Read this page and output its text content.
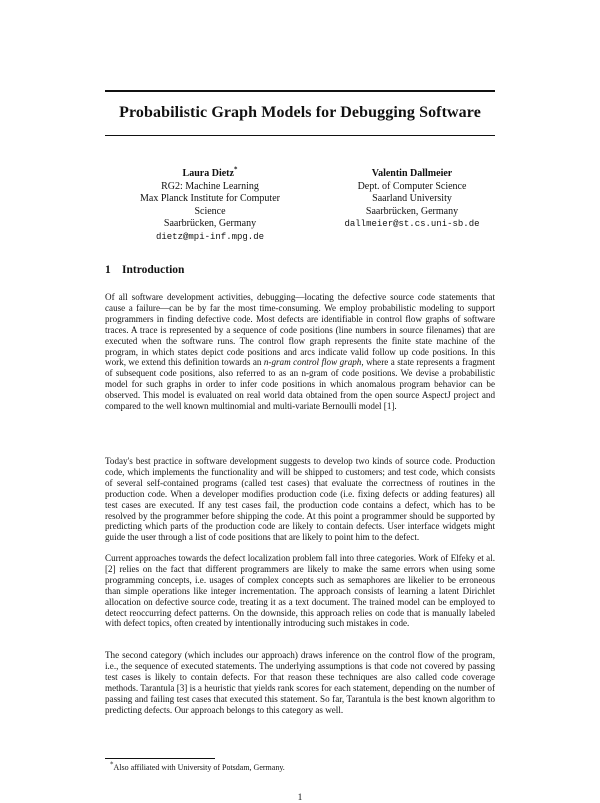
Probabilistic Graph Models for Debugging Software
Laura Dietz*
RG2: Machine Learning
Max Planck Institute for Computer Science
Saarbrücken, Germany
dietz@mpi-inf.mpg.de
Valentin Dallmeier
Dept. of Computer Science
Saarland University
Saarbrücken, Germany
dallmeier@st.cs.uni-sb.de
1 Introduction

Of all software development activities, debugging—locating the defective source code statements that cause a failure—can be by far the most time-consuming. We employ probabilistic modeling to support programmers in finding defective code. Most defects are identifiable in control flow graphs of software traces. A trace is represented by a sequence of code positions (line numbers in source filenames) that are executed when the software runs. The control flow graph represents the finite state machine of the program, in which states depict code positions and arcs indicate valid follow up code positions. In this work, we extend this definition towards an n-gram control flow graph, where a state represents a fragment of subsequent code positions, also referred to as an n-gram of code positions. We devise a probabilistic model for such graphs in order to infer code positions in which anomalous program behavior can be observed. This model is evaluated on real world data obtained from the open source AspectJ project and compared to the well known multinomial and multi-variate Bernoulli model [1].

Today's best practice in software development suggests to develop two kinds of source code. Production code, which implements the functionality and will be shipped to customers; and test code, which consists of several self-contained programs (called test cases) that evaluate the correctness of routines in the production code. When a developer modifies production code (i.e. fixing defects or adding features) all test cases are executed. If any test cases fail, the production code contains a defect, which has to be resolved by the programmer before shipping the code. At this point a programmer should be supported by predicting which parts of the production code are likely to contain defects. User interface widgets might guide the user through a list of code positions that are likely to point him to the defect.

Current approaches towards the defect localization problem fall into three categories. Work of Elfeky et al. [2] relies on the fact that different programmers are likely to make the same errors when using some programming concepts, i.e. usages of complex concepts such as semaphores are likelier to be erroneous than simple operations like integer incrementation. The approach consists of learning a latent Dirichlet allocation on defective source code, treating it as a text document. The trained model can be employed to detect reoccurring defect patterns. On the downside, this approach relies on code that is manually labeled with defect topics, often created by intentionally introducing such mistakes in code.

The second category (which includes our approach) draws inference on the control flow of the program, i.e., the sequence of executed statements. The underlying assumptions is that code not covered by passing test cases is likely to contain defects. For that reason these techniques are also called code coverage methods. Tarantula [3] is a heuristic that yields rank scores for each statement, depending on the number of passing and failing test cases that executed this statement. So far, Tarantula is the best known algorithm to predicting defects. Our approach belongs to this category as well.

*Also affiliated with University of Potsdam, Germany.
1
